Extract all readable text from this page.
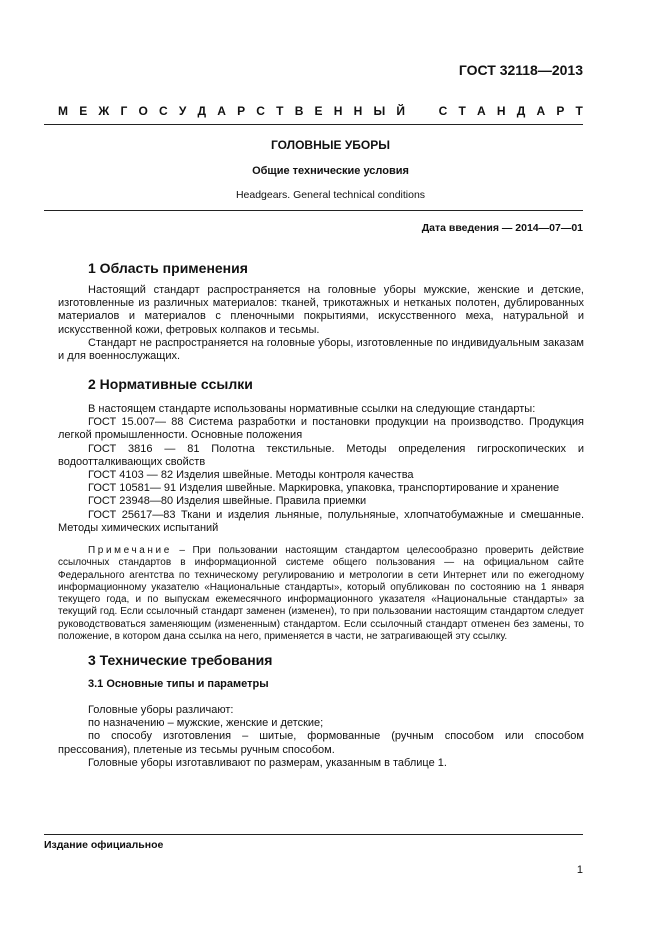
ГОСТ 32118—2013
М Е Ж Г О С У Д А Р С Т В Е Н Н Ы Й	С Т А Н Д А Р Т
ГОЛОВНЫЕ УБОРЫ
Общие технические условия
Headgears. General technical conditions
Дата введения — 2014—07—01
1 Область применения

Настоящий стандарт распространяется на головные уборы мужские, женские и детские, изготовленные из различных материалов: тканей, трикотажных и нетканых полотен, дублированных материалов и материалов с пленочными покрытиями, искусственного меха, натуральной и искусственной кожи, фетровых колпаков и тесьмы.

Стандарт не распространяется на головные уборы, изготовленные по индивидуальным заказам и для военнослужащих.

2 Нормативные ссылки

В настоящем стандарте использованы нормативные ссылки на следующие стандарты:

ГОСТ 15.007— 88 Система разработки и постановки продукции на производство. Продукция легкой промышленности. Основные положения

ГОСТ 3816 — 81 Полотна текстильные. Методы определения гигроскопических и водоотталкивающих свойств

ГОСТ 4103 — 82 Изделия швейные. Методы контроля качества

ГОСТ 10581— 91 Изделия швейные. Маркировка, упаковка, транспортирование и хранение

ГОСТ 23948—80 Изделия швейные. Правила приемки

ГОСТ 25617—83 Ткани и изделия льняные, полульняные, хлопчатобумажные и смешанные. Методы химических испытаний

Примечание – При пользовании настоящим стандартом целесообразно проверить действие ссылочных стандартов в информационной системе общего пользования — на официальном сайте Федерального агентства по техническому регулированию и метрологии в сети Интернет или по ежегодному информационному указателю «Национальные стандарты», который опубликован по состоянию на 1 января текущего года, и по выпускам ежемесячного информационного указателя «Национальные стандарты» за текущий год. Если ссылочный стандарт заменен (изменен), то при пользовании настоящим стандартом следует руководствоваться заменяющим (измененным) стандартом. Если ссылочный стандарт отменен без замены, то положение, в котором дана ссылка на него, применяется в части, не затрагивающей эту ссылку.

3 Технические требования
3.1 Основные типы и параметры

Головные уборы различают:

по назначению – мужские, женские и детские;

по способу изготовления – шитые, формованные (ручным способом или способом прессования), плетеные из тесьмы ручным способом.

Головные уборы изготавливают по размерам, указанным в таблице 1.

Издание официальное
1
